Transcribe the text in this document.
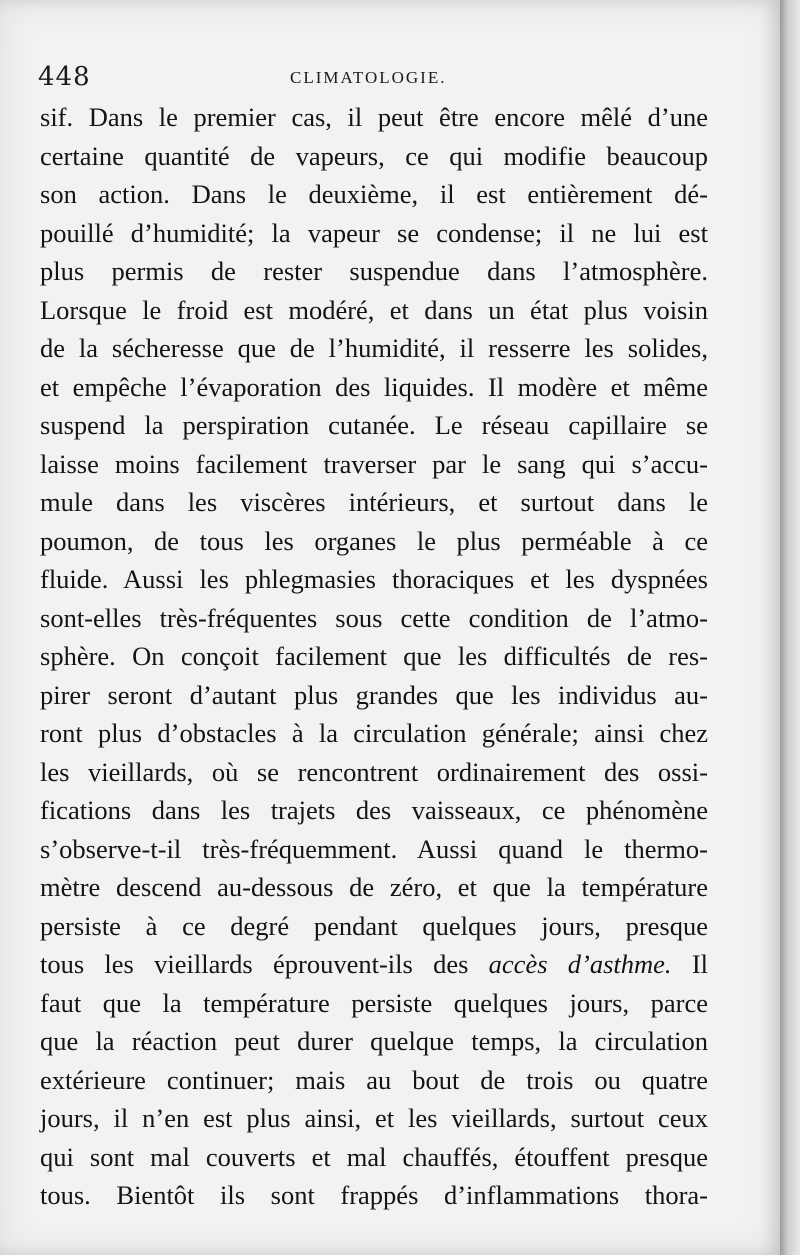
448	CLIMATOLOGIE.
sif. Dans le premier cas, il peut être encore mêlé d’une
certaine quantité de vapeurs, ce qui modifie beaucoup
son action. Dans le deuxième, il est entièrement dé-
pouillé d’humidité; la vapeur se condense; il ne lui est
plus permis de rester suspendue dans l’atmosphère.
Lorsque le froid est modéré, et dans un état plus voisin
de la sécheresse que de l’humidité, il resserre les solides,
et empêche l’évaporation des liquides. Il modère et même
suspend la perspiration cutanée. Le réseau capillaire se
laisse moins facilement traverser par le sang qui s’accu-
mule dans les viscères intérieurs, et surtout dans le
poumon, de tous les organes le plus perméable à ce
fluide. Aussi les phlegmasies thoraciques et les dyspnées
sont-elles très-fréquentes sous cette condition de l’atmo-
sphère. On conçoit facilement que les difficultés de res-
pirer seront d’autant plus grandes que les individus au-
ront plus d’obstacles à la circulation générale; ainsi chez
les vieillards, où se rencontrent ordinairement des ossi-
fications dans les trajets des vaisseaux, ce phénomène
s’observe-t-il très-fréquemment. Aussi quand le thermo-
mètre descend au-dessous de zéro, et que la température
persiste à ce degré pendant quelques jours, presque
tous les vieillards éprouvent-ils des accès d’asthme. Il
faut que la température persiste quelques jours, parce
que la réaction peut durer quelque temps, la circulation
extérieure continuer; mais au bout de trois ou quatre
jours, il n’en est plus ainsi, et les vieillards, surtout ceux
qui sont mal couverts et mal chauffés, étouffent presque
tous. Bientôt ils sont frappés d’inflammations thora-
